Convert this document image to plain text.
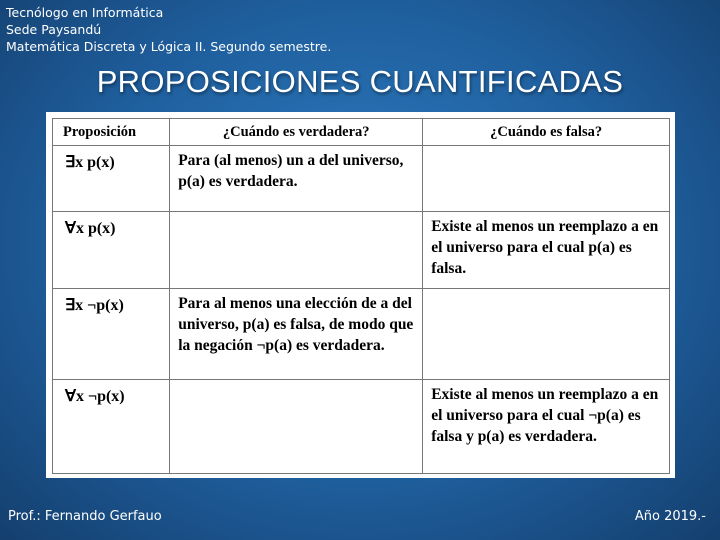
Tecnólogo en Informática
Sede Paysandú
Matemática Discreta y Lógica II. Segundo semestre.
PROPOSICIONES CUANTIFICADAS
Proposición	¿Cuándo es verdadera?	¿Cuándo es falsa?
∃x p(x)	Para (al menos) un a del universo, p(a) es verdadera.	
∀x p(x)		Existe al menos un reemplazo a en el universo para el cual p(a) es falsa.
∃x ¬p(x)	Para al menos una elección de a del universo, p(a) es falsa, de modo que la negación ¬p(a) es verdadera.	
∀x ¬p(x)		Existe al menos un reemplazo a en el universo para el cual ¬p(a) es falsa y p(a) es verdadera.
Prof.: Fernando Gerfauo	Año 2019.-
